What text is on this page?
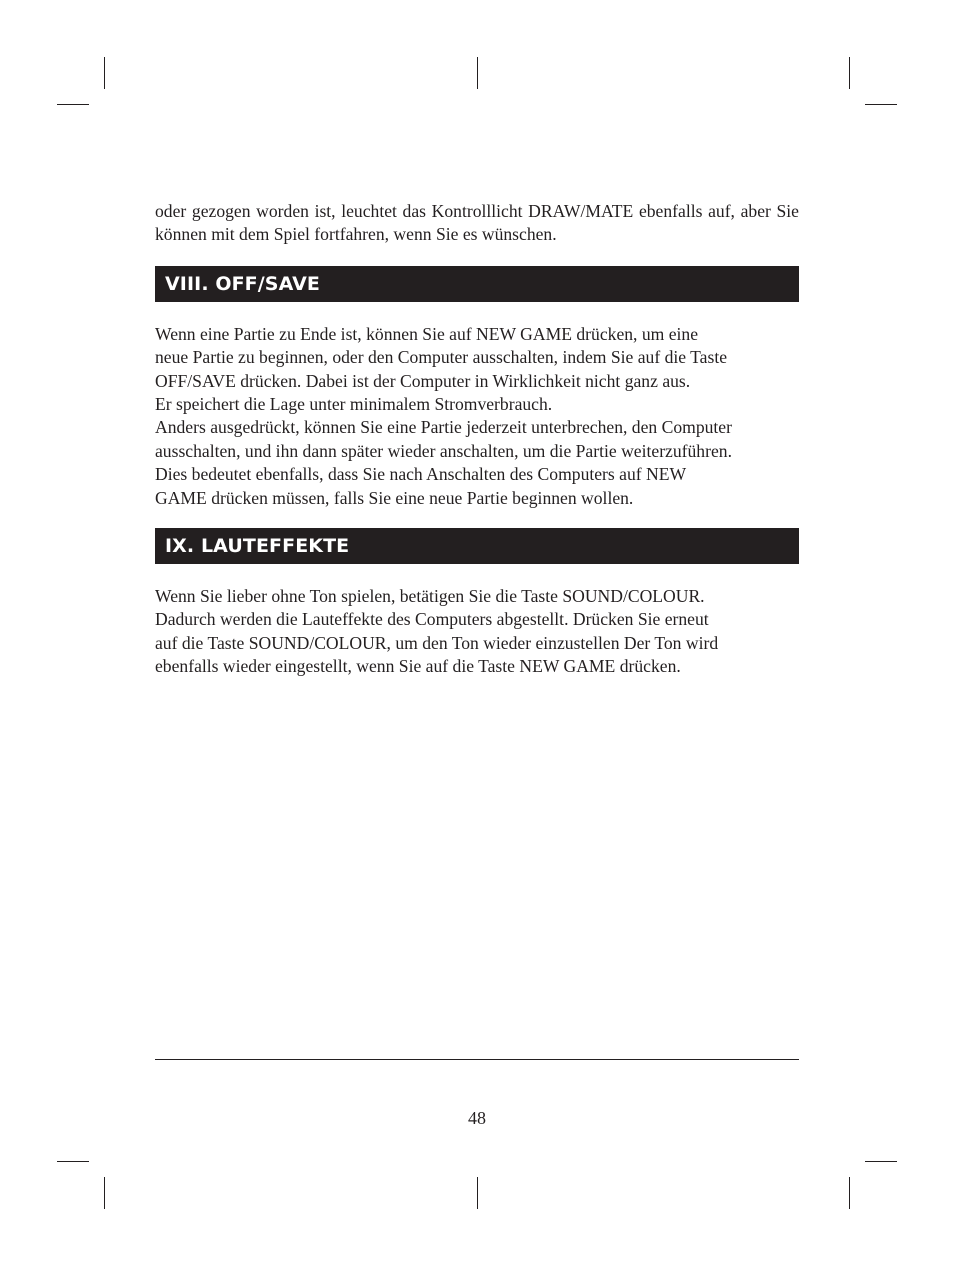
oder gezogen worden ist, leuchtet das Kontrolllicht DRAW/MATE ebenfalls auf, aber Sie können mit dem Spiel fortfahren, wenn Sie es wünschen.

VIII. OFF/SAVE

Wenn eine Partie zu Ende ist, können Sie auf NEW GAME drücken, um eine
neue Partie zu beginnen, oder den Computer ausschalten, indem Sie auf die Taste
OFF/SAVE drücken. Dabei ist der Computer in Wirklichkeit nicht ganz aus.
Er speichert die Lage unter minimalem Stromverbrauch.
Anders ausgedrückt, können Sie eine Partie jederzeit unterbrechen, den Computer
ausschalten, und ihn dann später wieder anschalten, um die Partie weiterzuführen.
Dies bedeutet ebenfalls, dass Sie nach Anschalten des Computers auf NEW
GAME drücken müssen, falls Sie eine neue Partie beginnen wollen.

IX. LAUTEFFEKTE

Wenn Sie lieber ohne Ton spielen, betätigen Sie die Taste SOUND/COLOUR.
Dadurch werden die Lauteffekte des Computers abgestellt. Drücken Sie erneut
auf die Taste SOUND/COLOUR, um den Ton wieder einzustellen Der Ton wird
ebenfalls wieder eingestellt, wenn Sie auf die Taste NEW GAME drücken.

48
